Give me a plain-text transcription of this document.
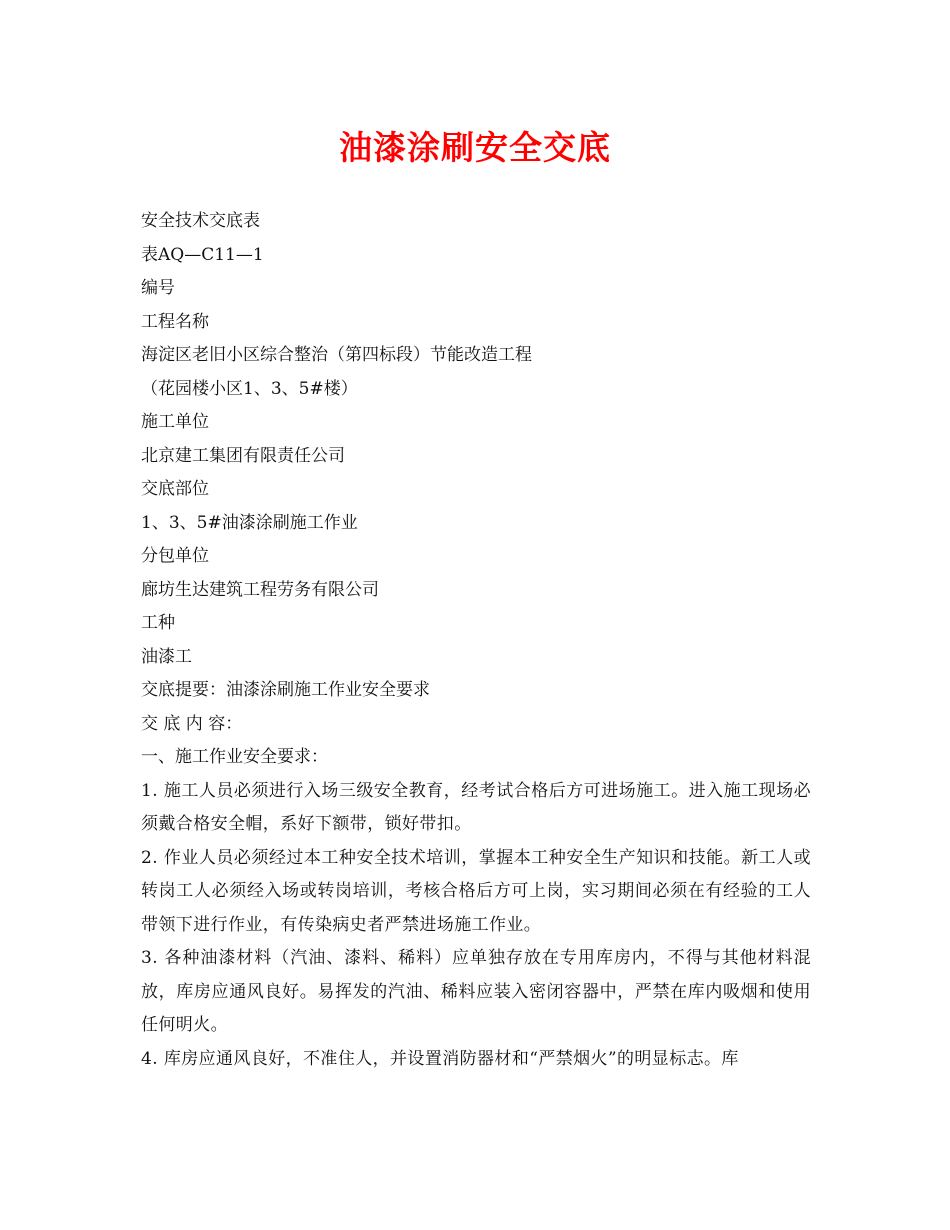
油漆涂刷安全交底
安全技术交底表
表AQ—C11—1
编号
工程名称
海淀区老旧小区综合整治（第四标段）节能改造工程
（花园楼小区1、3、5#楼）
施工单位
北京建工集团有限责任公司
交底部位
1、3、5#油漆涂刷施工作业
分包单位
廊坊生达建筑工程劳务有限公司
工种
油漆工
交底提要：油漆涂刷施工作业安全要求
交 底 内 容：
一、施工作业安全要求：
1. 施工人员必须进行入场三级安全教育，经考试合格后方可进场施工。进入施工现场必须戴合格安全帽，系好下额带，锁好带扣。
2. 作业人员必须经过本工种安全技术培训，掌握本工种安全生产知识和技能。新工人或转岗工人必须经入场或转岗培训，考核合格后方可上岗，实习期间必须在有经验的工人带领下进行作业，有传染病史者严禁进场施工作业。
3. 各种油漆材料（汽油、漆料、稀料）应单独存放在专用库房内，不得与其他材料混放，库房应通风良好。易挥发的汽油、稀料应装入密闭容器中，严禁在库内吸烟和使用任何明火。
4. 库房应通风良好，不准住人，并设置消防器材和“严禁烟火”的明显标志。库
